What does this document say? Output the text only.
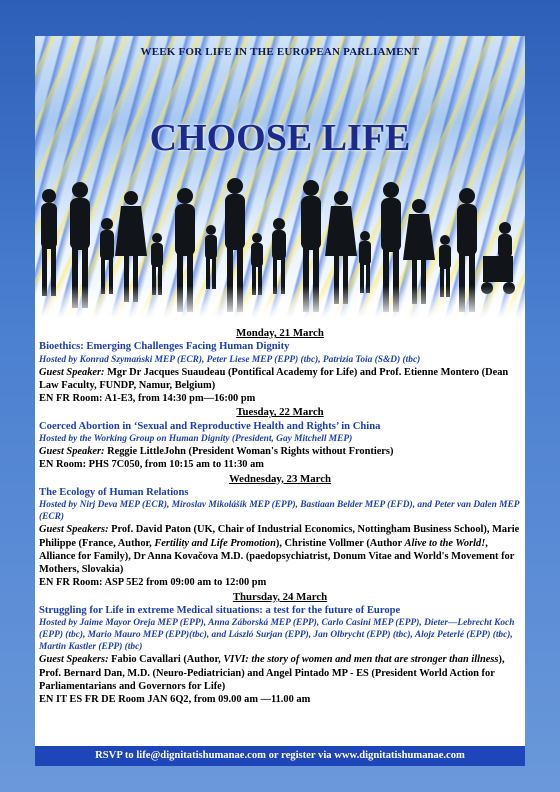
WEEK FOR LIFE IN THE EUROPEAN PARLIAMENT
CHOOSE LIFE
Monday, 21 March
Bioethics: Emerging Challenges Facing Human Dignity
Hosted by Konrad Szymański MEP (ECR), Peter Liese MEP (EPP) (tbc), Patrizia Toia (S&D) (tbc)
Guest Speaker: Mgr Dr Jacques Suaudeau (Pontifical Academy for Life) and Prof. Etienne Montero (Dean Law Faculty, FUNDP, Namur, Belgium)
EN FR Room: A1-E3, from 14:30 pm—16:00 pm
Tuesday, 22 March
Coerced Abortion in ‘Sexual and Reproductive Health and Rights’ in China
Hosted by the Working Group on Human Dignity (President, Gay Mitchell MEP)
Guest Speaker: Reggie LittleJohn (President Woman's Rights without Frontiers)
EN Room: PHS 7C050, from 10:15 am to 11:30 am
Wednesday, 23 March
The Ecology of Human Relations
Hosted by Nirj Deva MEP (ECR), Miroslav Mikolášik MEP (EPP), Bastiaan Belder MEP (EFD), and Peter van Dalen MEP (ECR)
Guest Speakers: Prof. David Paton (UK, Chair of Industrial Economics, Nottingham Business School), Marie Philippe (France, Author, Fertility and Life Promotion), Christine Vollmer (Author Alive to the World!, Alliance for Family), Dr Anna Kovačova M.D. (paedopsychiatrist, Donum Vitae and World's Movement for Mothers, Slovakia)
EN FR Room: ASP 5E2 from 09:00 am to 12:00 pm
Thursday, 24 March
Struggling for Life in extreme Medical situations: a test for the future of Europe
Hosted by Jaime Mayor Oreja MEP (EPP), Anna Záborská MEP (EPP), Carlo Casini MEP (EPP), Dieter—Lebrecht Koch (EPP) (tbc), Mario Mauro MEP (EPP)(tbc), and László Surjan (EPP), Jan Olbrycht (EPP) (tbc), Alojz Peterlé (EPP) (tbc), Martin Kastler (EPP) (tbc)
Guest Speakers: Fabio Cavallari (Author, VIVI: the story of women and men that are stronger than illness), Prof. Bernard Dan, M.D. (Neuro-Pediatrician) and Angel Pintado MP - ES (President World Action for Parliamentarians and Governors for Life)
EN IT ES FR DE Room JAN 6Q2, from 09.00 am —11.00 am
RSVP to life@dignitatishumanae.com or register via www.dignitatishumanae.com
